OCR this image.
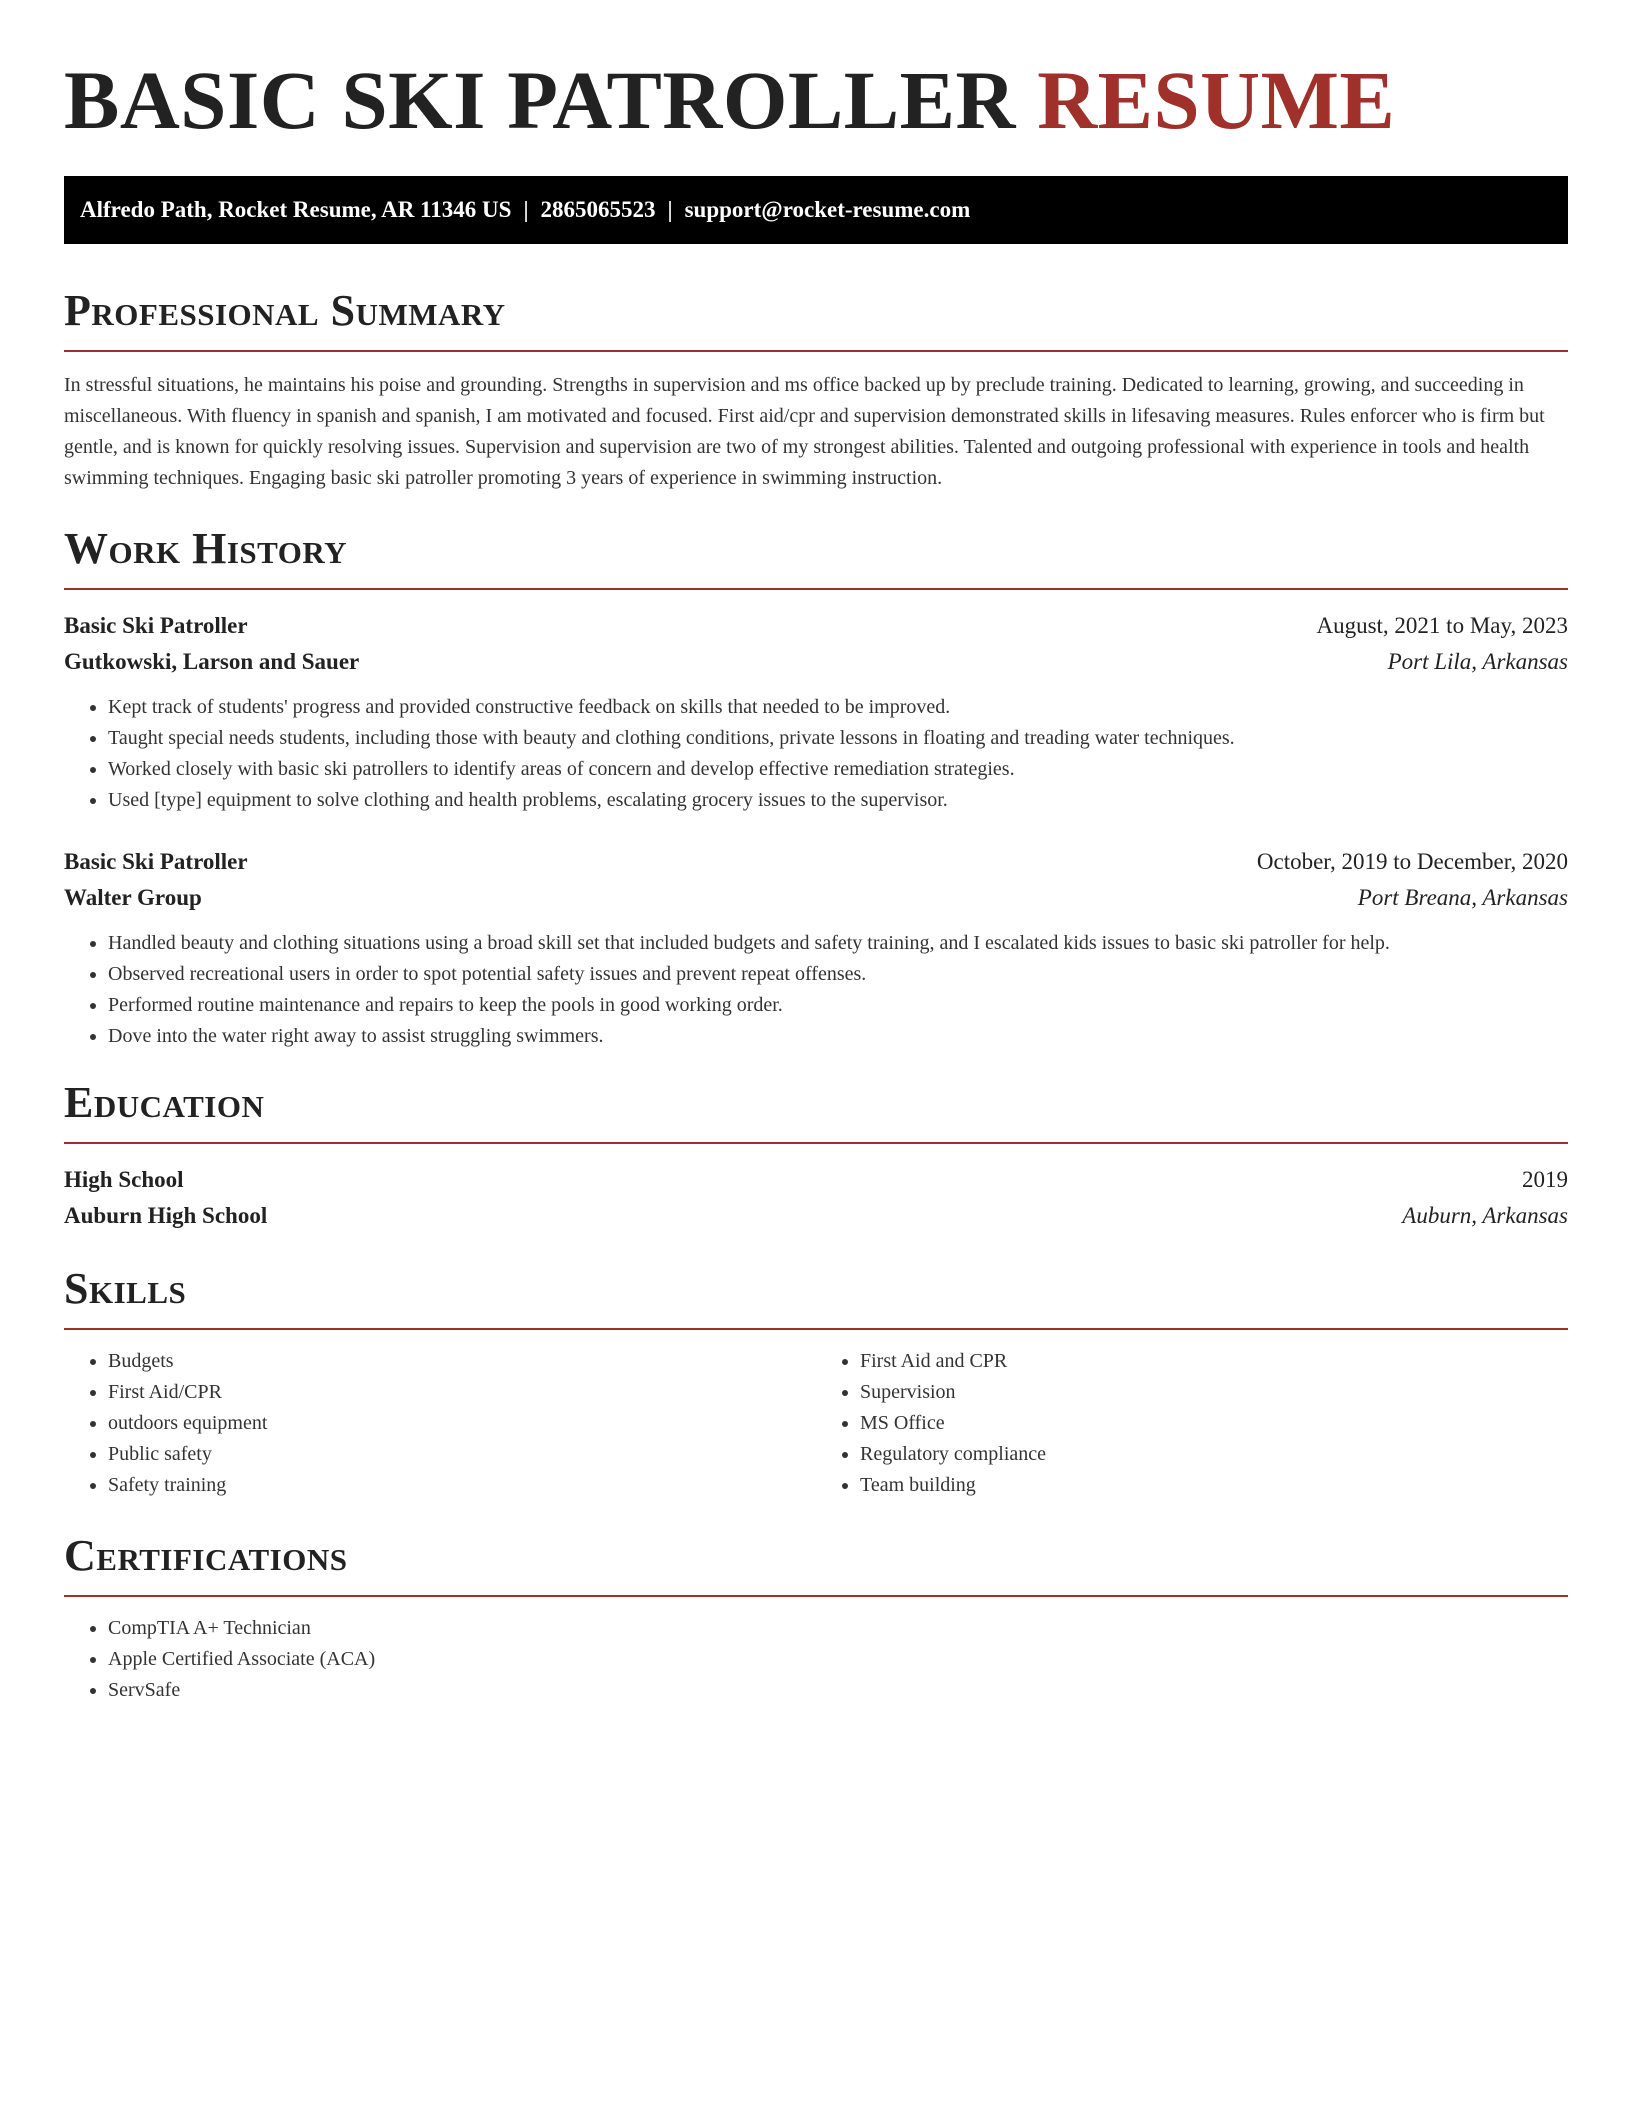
BASIC SKI PATROLLER RESUME
Alfredo Path, Rocket Resume, AR 11346 US | 2865065523 | support@rocket-resume.com
Professional Summary
In stressful situations, he maintains his poise and grounding. Strengths in supervision and ms office backed up by preclude training. Dedicated to learning, growing, and succeeding in miscellaneous. With fluency in spanish and spanish, I am motivated and focused. First aid/cpr and supervision demonstrated skills in lifesaving measures. Rules enforcer who is firm but gentle, and is known for quickly resolving issues. Supervision and supervision are two of my strongest abilities. Talented and outgoing professional with experience in tools and health swimming techniques. Engaging basic ski patroller promoting 3 years of experience in swimming instruction.
Work History
Basic Ski Patroller	August, 2021 to May, 2023
Gutkowski, Larson and Sauer	Port Lila, Arkansas
• Kept track of students' progress and provided constructive feedback on skills that needed to be improved.
• Taught special needs students, including those with beauty and clothing conditions, private lessons in floating and treading water techniques.
• Worked closely with basic ski patrollers to identify areas of concern and develop effective remediation strategies.
• Used [type] equipment to solve clothing and health problems, escalating grocery issues to the supervisor.
Basic Ski Patroller	October, 2019 to December, 2020
Walter Group	Port Breana, Arkansas
• Handled beauty and clothing situations using a broad skill set that included budgets and safety training, and I escalated kids issues to basic ski patroller for help.
• Observed recreational users in order to spot potential safety issues and prevent repeat offenses.
• Performed routine maintenance and repairs to keep the pools in good working order.
• Dove into the water right away to assist struggling swimmers.
Education
High School	2019
Auburn High School	Auburn, Arkansas
Skills
• Budgets
• First Aid/CPR
• outdoors equipment
• Public safety
• Safety training
• First Aid and CPR
• Supervision
• MS Office
• Regulatory compliance
• Team building
Certifications
• CompTIA A+ Technician
• Apple Certified Associate (ACA)
• ServSafe
